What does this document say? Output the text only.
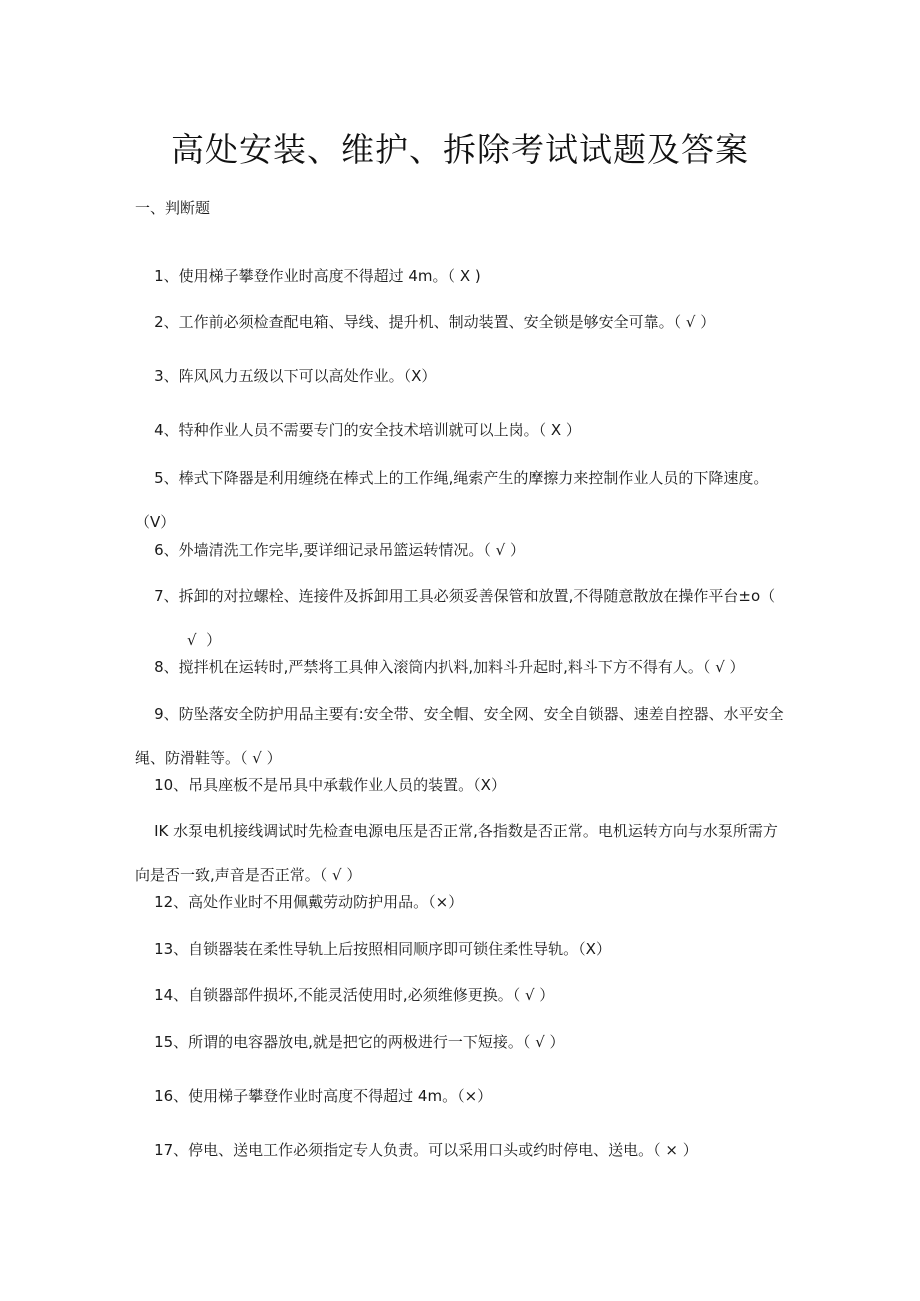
高处安装、维护、拆除考试试题及答案

一、判断题

1、使用梯子攀登作业时高度不得超过 4m。（ X )

2、工作前必须检查配电箱、导线、提升机、制动装置、安全锁是够安全可靠。（ √ ）

3、阵风风力五级以下可以高处作业。（X）

4、特种作业人员不需要专门的安全技术培训就可以上岗。（ X ）

5、棒式下降器是利用缠绕在棒式上的工作绳,绳索产生的摩擦力来控制作业人员的下降速度。

（V）

6、外墙清洗工作完毕,要详细记录吊篮运转情况。（ √ ）

7、拆卸的对拉螺栓、连接件及拆卸用工具必须妥善保管和放置,不得随意散放在操作平台±o（

√  ）

8、搅拌机在运转时,严禁将工具伸入滚筒内扒料,加料斗升起时,料斗下方不得有人。（ √ ）

9、防坠落安全防护用品主要有:安全带、安全帽、安全网、安全自锁器、速差自控器、水平安全

绳、防滑鞋等。（ √ ）

10、吊具座板不是吊具中承载作业人员的装置。（X）

IK 水泵电机接线调试时先检查电源电压是否正常,各指数是否正常。电机运转方向与水泵所需方

向是否一致,声音是否正常。（ √ ）

12、高处作业时不用佩戴劳动防护用品。（×）

13、自锁器装在柔性导轨上后按照相同顺序即可锁住柔性导轨。（X）

14、自锁器部件损坏,不能灵活使用时,必须维修更换。（ √ ）

15、所谓的电容器放电,就是把它的两极进行一下短接。（ √ ）

16、使用梯子攀登作业时高度不得超过 4m。（×）

17、停电、送电工作必须指定专人负责。可以采用口头或约时停电、送电。（ × ）
